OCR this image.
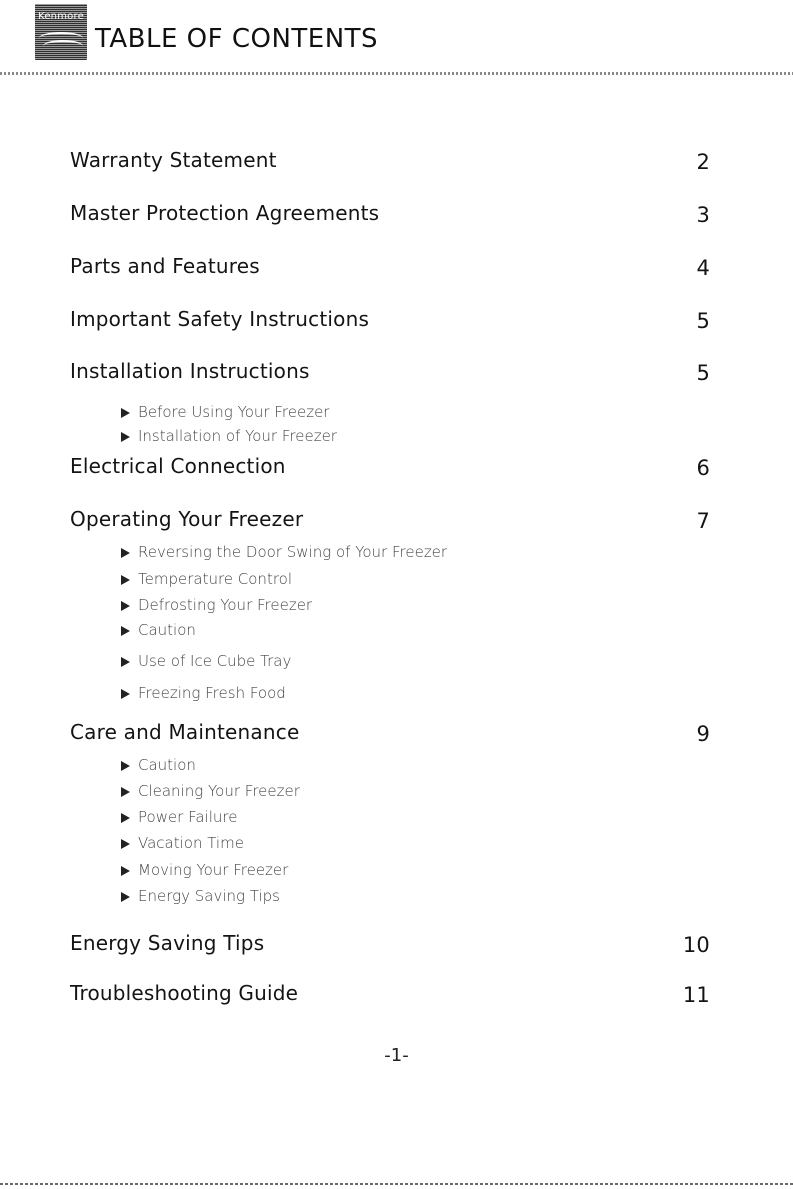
Kenmore
TABLE OF CONTENTS
Warranty Statement	2
Master Protection Agreements	3
Parts and Features	4
Important Safety Instructions	5
Installation Instructions	5
Before Using Your Freezer
Installation of Your Freezer
Electrical Connection	6
Operating Your Freezer	7
Reversing the Door Swing of Your Freezer
Temperature Control
Defrosting Your Freezer
Caution
Use of Ice Cube Tray
Freezing Fresh Food
Care and Maintenance	9
Caution
Cleaning Your Freezer
Power Failure
Vacation Time
Moving Your Freezer
Energy Saving Tips
Energy Saving Tips	10
Troubleshooting Guide	11
-1-
